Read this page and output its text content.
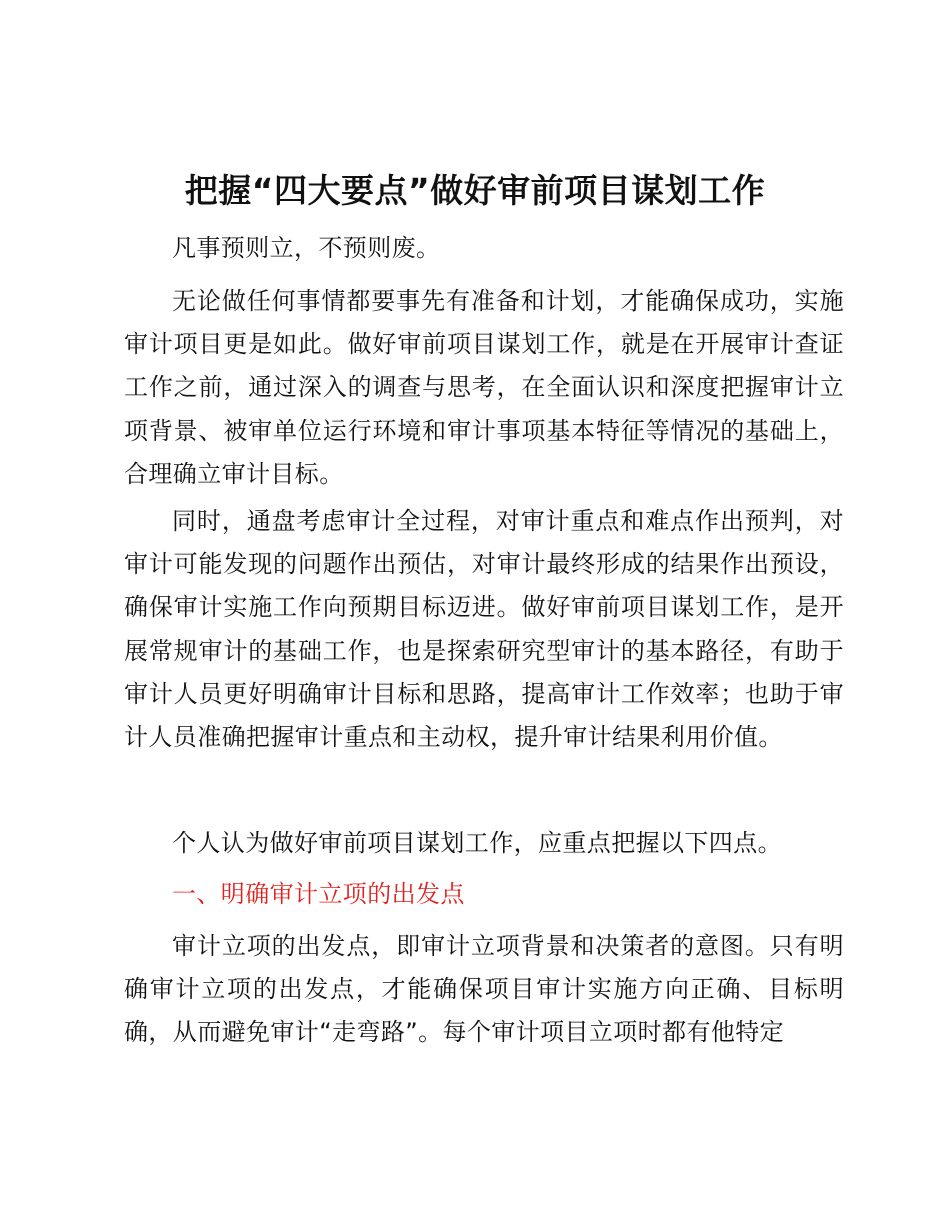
把握“四大要点”做好审前项目谋划工作

凡事预则立，不预则废。

无论做任何事情都要事先有准备和计划，才能确保成功，实施审计项目更是如此。做好审前项目谋划工作，就是在开展审计查证工作之前，通过深入的调查与思考，在全面认识和深度把握审计立项背景、被审单位运行环境和审计事项基本特征等情况的基础上，合理确立审计目标。

同时，通盘考虑审计全过程，对审计重点和难点作出预判，对审计可能发现的问题作出预估，对审计最终形成的结果作出预设，确保审计实施工作向预期目标迈进。做好审前项目谋划工作，是开展常规审计的基础工作，也是探索研究型审计的基本路径，有助于审计人员更好明确审计目标和思路，提高审计工作效率；也助于审计人员准确把握审计重点和主动权，提升审计结果利用价值。

个人认为做好审前项目谋划工作，应重点把握以下四点。

一、明确审计立项的出发点

审计立项的出发点，即审计立项背景和决策者的意图。只有明确审计立项的出发点，才能确保项目审计实施方向正确、目标明确，从而避免审计“走弯路”。每个审计项目立项时都有他特定
